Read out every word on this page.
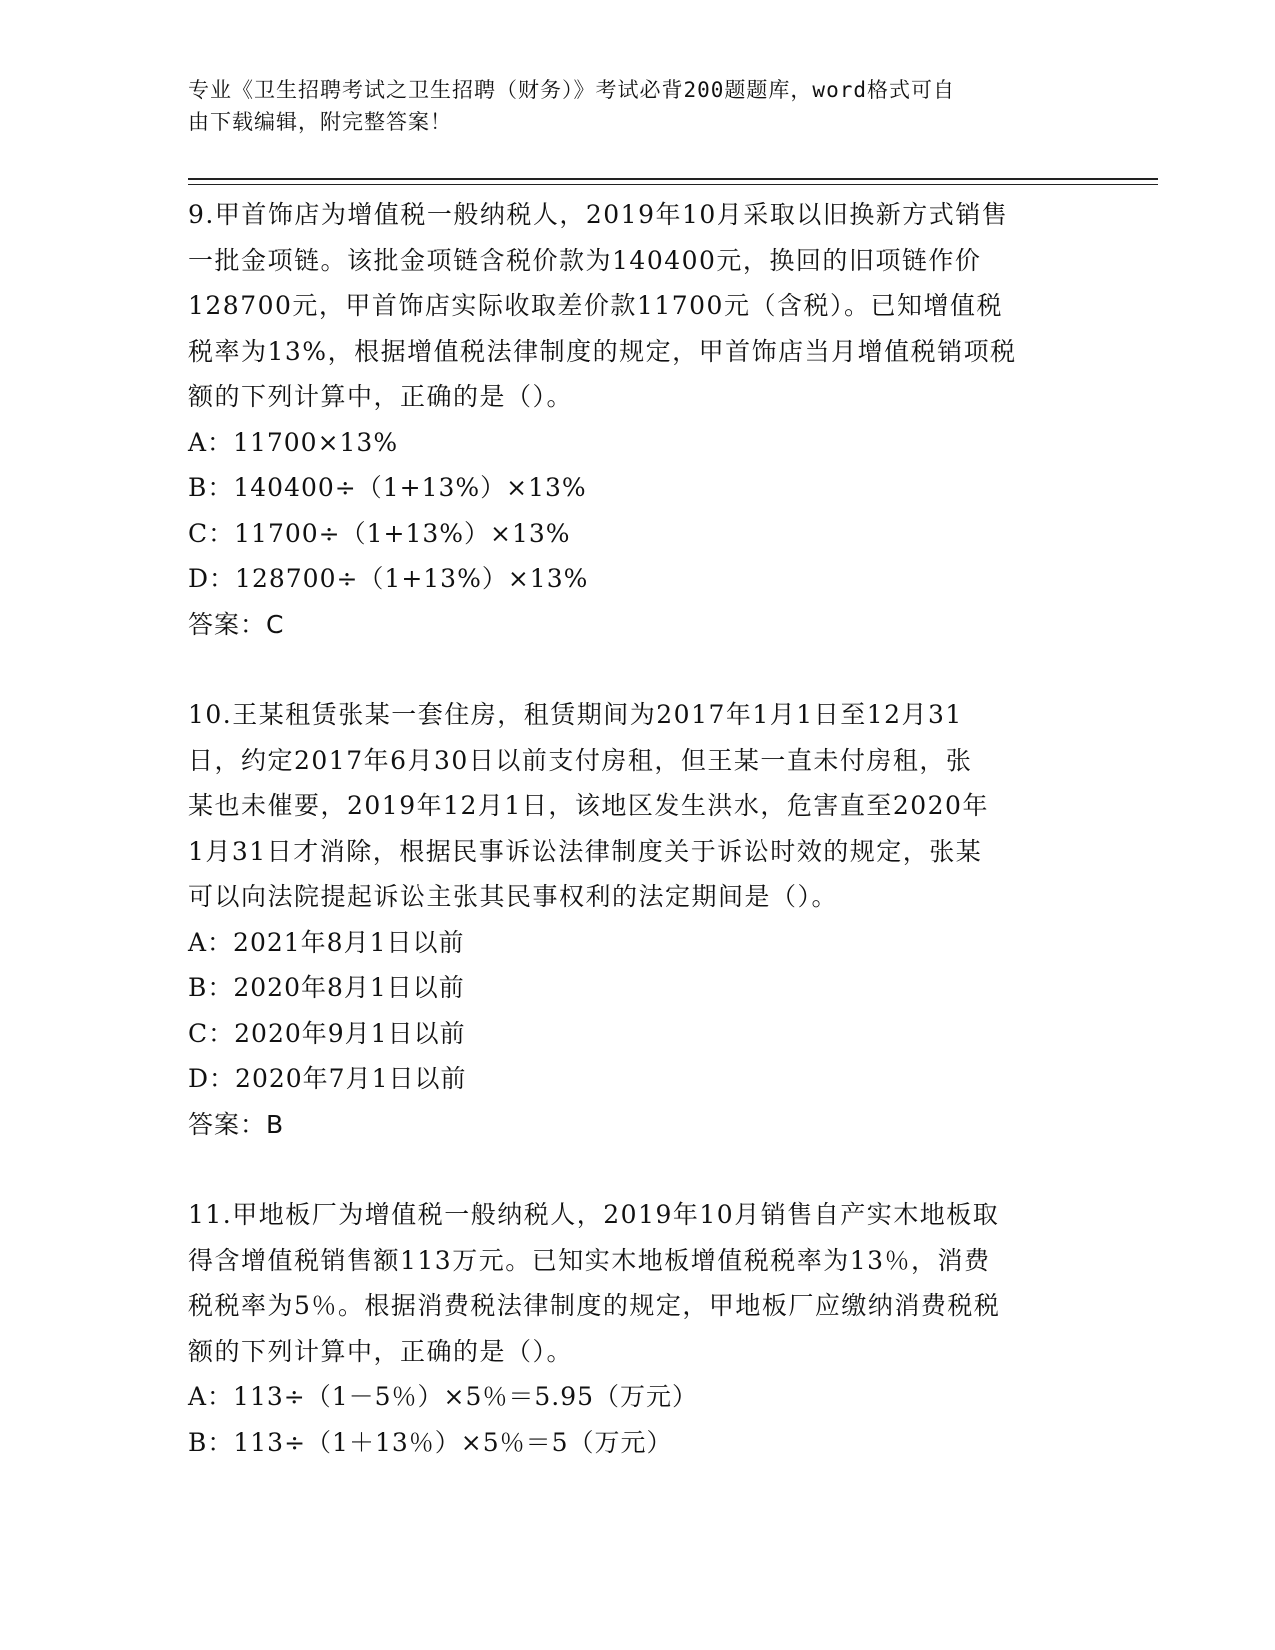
专业《卫生招聘考试之卫生招聘（财务）》考试必背200题题库，word格式可自
由下载编辑，附完整答案！

9.甲首饰店为增值税一般纳税人，2019年10月采取以旧换新方式销售

一批金项链。该批金项链含税价款为140400元，换回的旧项链作价

128700元，甲首饰店实际收取差价款11700元（含税）。已知增值税

税率为13%，根据增值税法律制度的规定，甲首饰店当月增值税销项税

额的下列计算中，正确的是（）。

A：11700×13%

B：140400÷（1+13%）×13%

C：11700÷（1+13%）×13%

D：128700÷（1+13%）×13%

答案：C

10.王某租赁张某一套住房，租赁期间为2017年1月1日至12月31

日，约定2017年6月30日以前支付房租，但王某一直未付房租，张

某也未催要，2019年12月1日，该地区发生洪水，危害直至2020年

1月31日才消除，根据民事诉讼法律制度关于诉讼时效的规定，张某

可以向法院提起诉讼主张其民事权利的法定期间是（）。

A：2021年8月1日以前

B：2020年8月1日以前

C：2020年9月1日以前

D：2020年7月1日以前

答案：B

11.甲地板厂为增值税一般纳税人，2019年10月销售自产实木地板取

得含增值税销售额113万元。已知实木地板增值税税率为13％，消费

税税率为5％。根据消费税法律制度的规定，甲地板厂应缴纳消费税税

额的下列计算中，正确的是（）。

A：113÷（1－5％）×5％＝5.95（万元）

B：113÷（1＋13％）×5％＝5（万元）
